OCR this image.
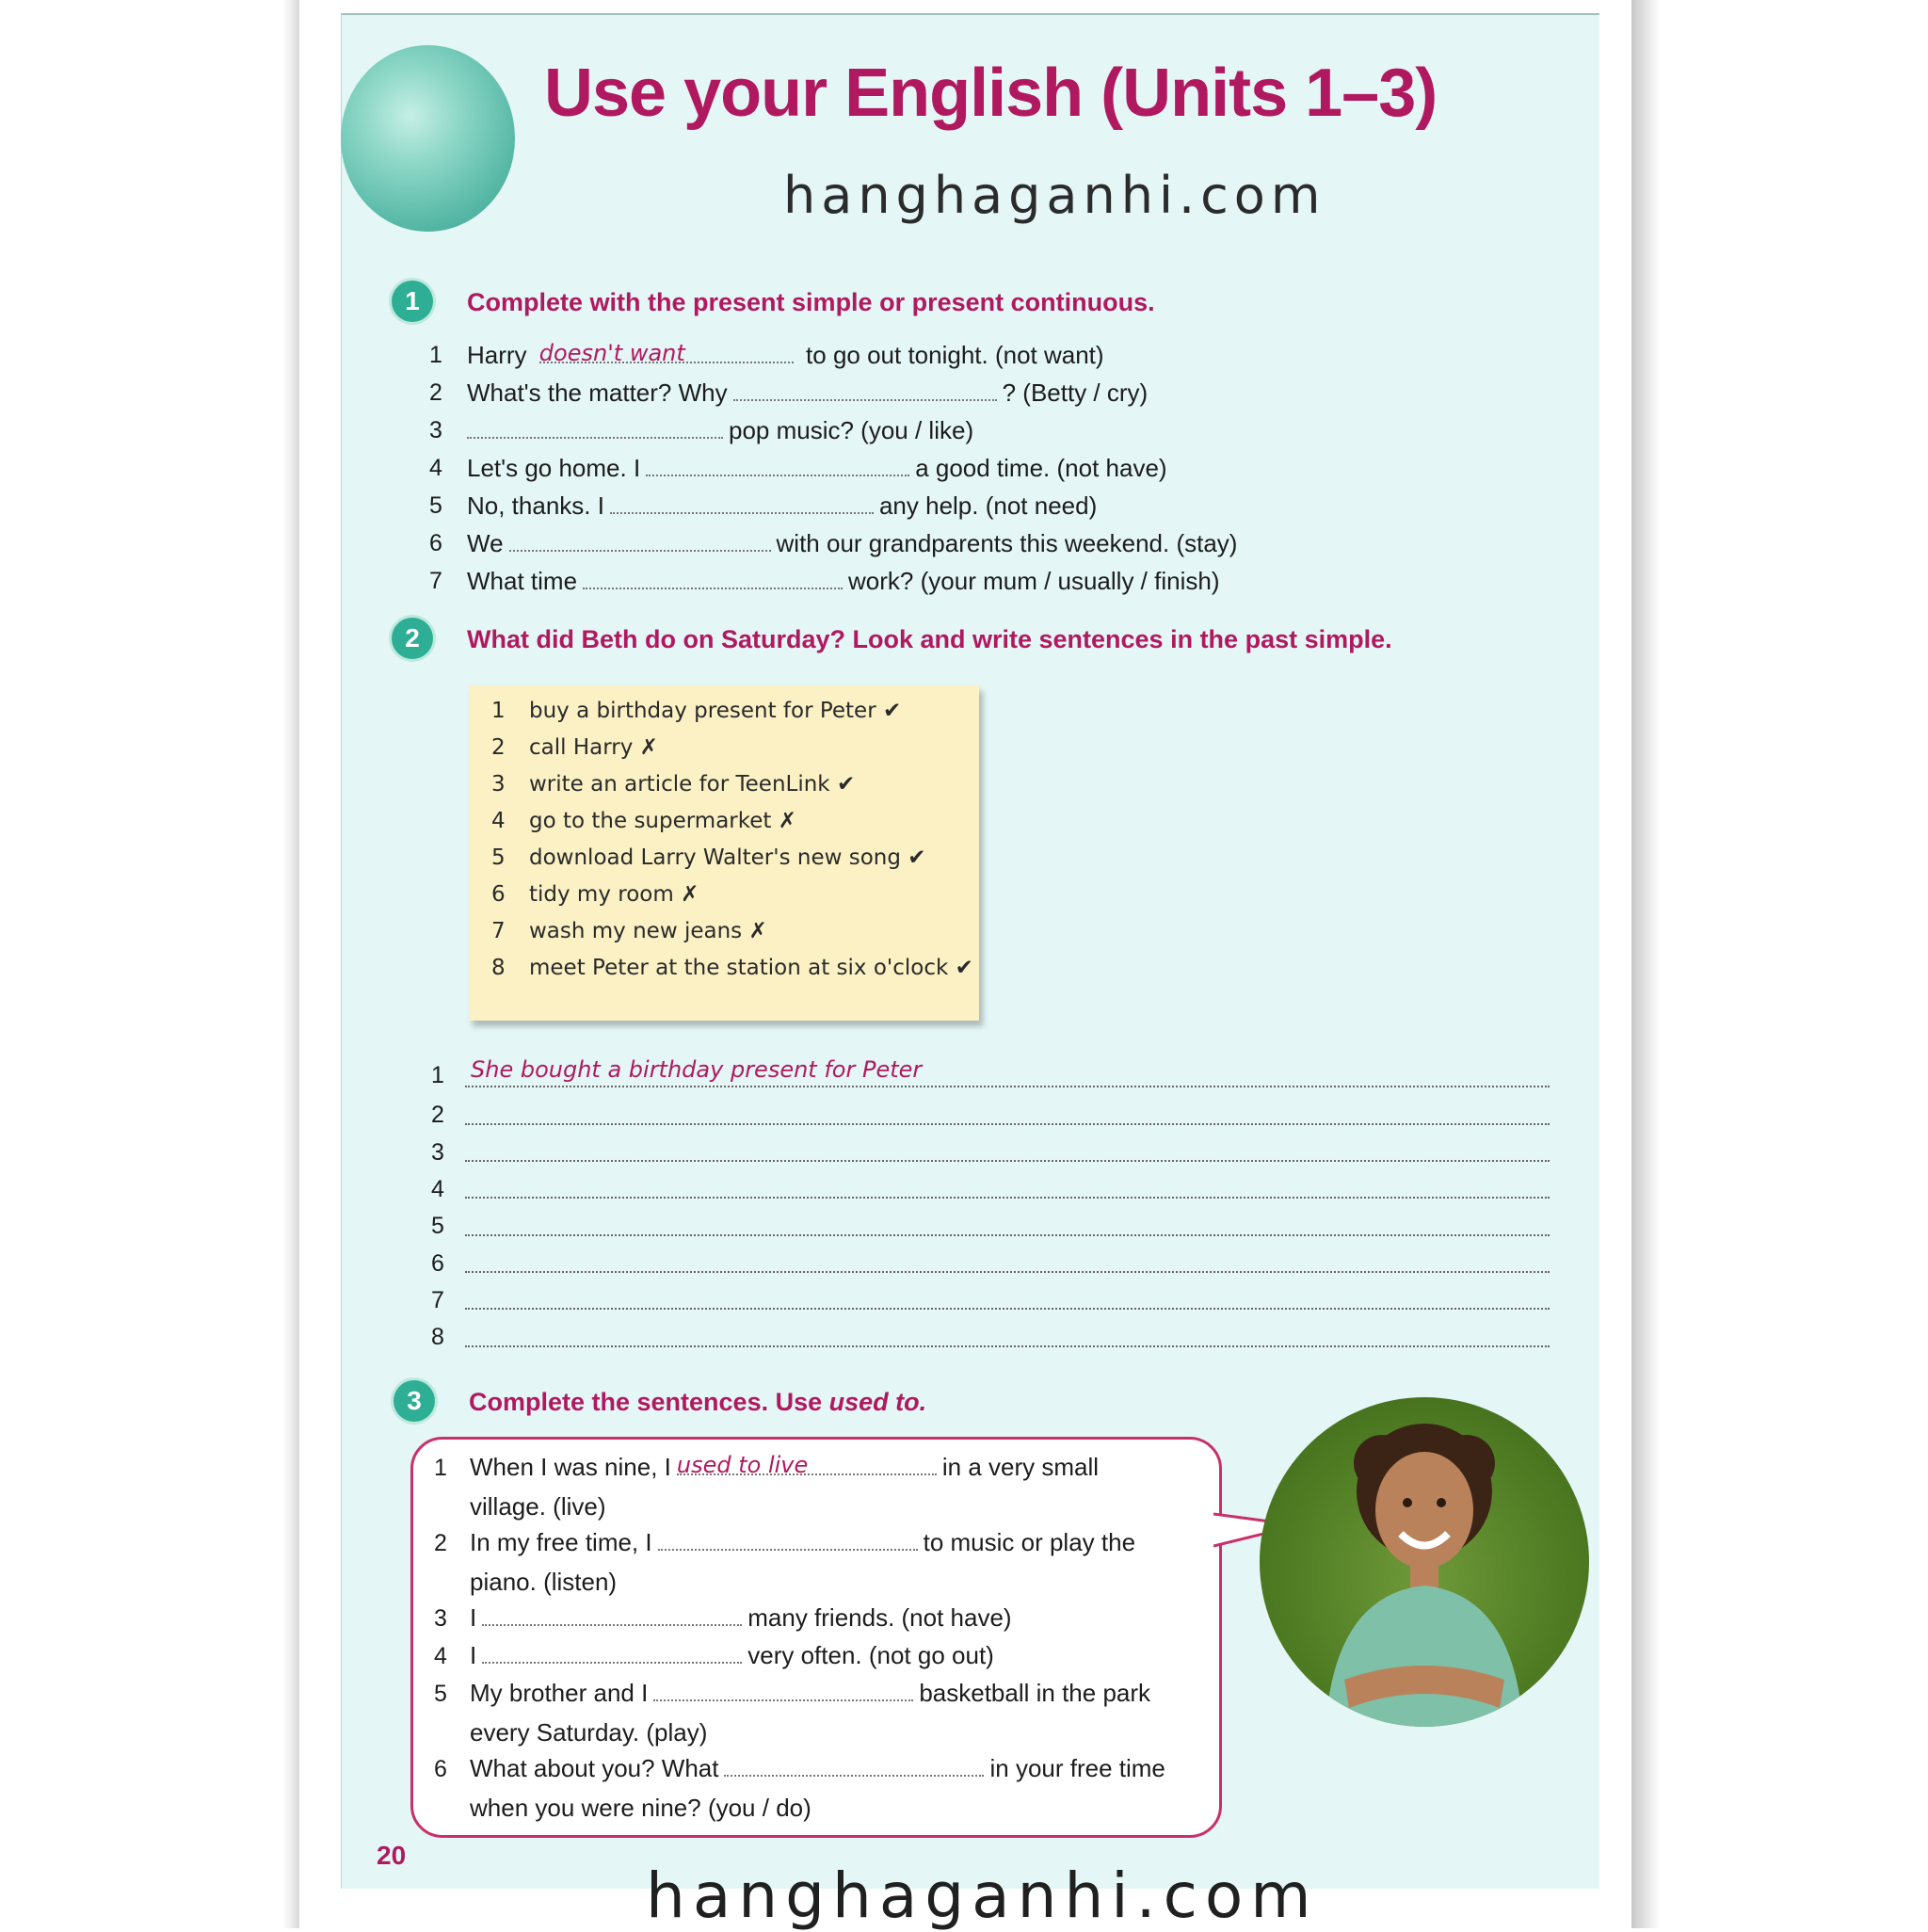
Use your English (Units 1–3)
hanghaganhi.com
1	Complete with the present simple or present continuous.
1 Harry doesn't want	to go out tonight. (not want)
2 What's the matter? Why	? (Betty / cry)
3	pop music? (you / like)
4 Let's go home. I	a good time. (not have)
5 No, thanks. I	any help. (not need)
6 We	with our grandparents this weekend. (stay)
7 What time	work? (your mum / usually / finish)
2	What did Beth do on Saturday? Look and write sentences in the past simple.
1 buy a birthday present for Peter ✔
2 call Harry ✗
3 write an article for TeenLink ✔
4 go to the supermarket ✗
5 download Larry Walter's new song ✔
6 tidy my room ✗
7 wash my new jeans ✗
8 meet Peter at the station at six o'clock ✔
1 She bought a birthday present for Peter
2
3
4
5
6
7
8
3	Complete the sentences. Use used to.
1 When I was nine, I used to live	in a very small
village. (live)
2 In my free time, I	to music or play the
piano. (listen)
3 I	many friends. (not have)
4 I	very often. (not go out)
5 My brother and I	basketball in the park
every Saturday. (play)
6 What about you? What	in your free time
when you were nine? (you / do)
20
hanghaganhi.com
